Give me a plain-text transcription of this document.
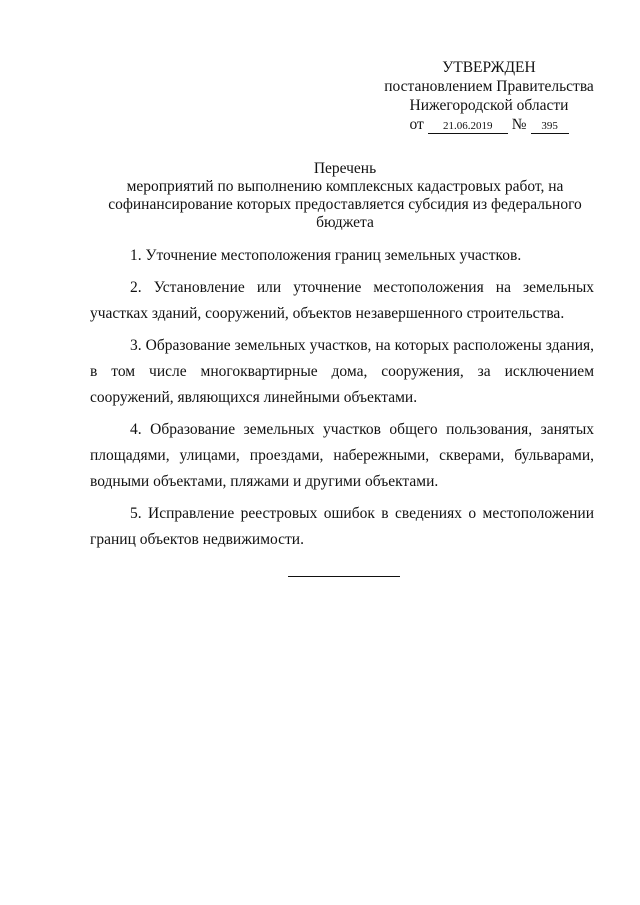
УТВЕРЖДЕН
постановлением Правительства
Нижегородской области
от	21.06.2019	№	395
Перечень
мероприятий по выполнению комплексных кадастровых работ, на
софинансирование которых предоставляется субсидия из федерального
бюджета

1. Уточнение местоположения границ земельных участков.

2. Установление или уточнение местоположения на земельных участках зданий, сооружений, объектов незавершенного строительства.

3. Образование земельных участков, на которых расположены здания, в том числе многоквартирные дома, сооружения, за исключением сооружений, являющихся линейными объектами.

4. Образование земельных участков общего пользования, занятых площадями, улицами, проездами, набережными, скверами, бульварами, водными объектами, пляжами и другими объектами.

5. Исправление реестровых ошибок в сведениях о местоположении границ объектов недвижимости.
